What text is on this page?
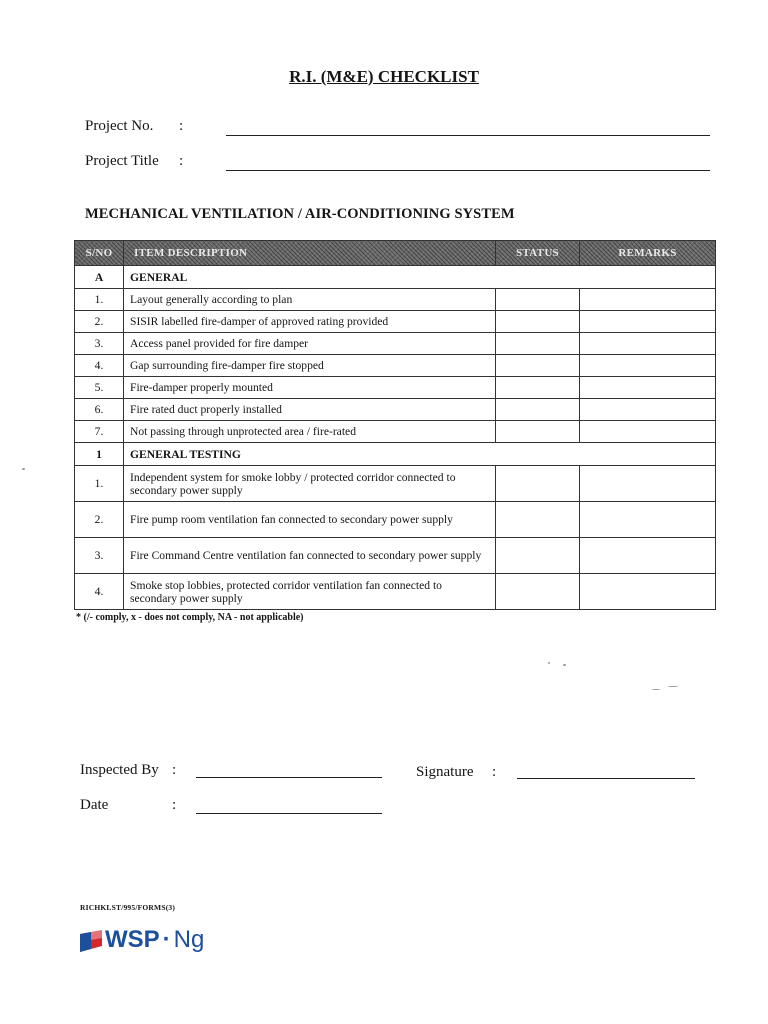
R.I. (M&E) CHECKLIST
Project No. :
Project Title :
MECHANICAL VENTILATION / AIR-CONDITIONING SYSTEM
S/NO	ITEM DESCRIPTION	STATUS	REMARKS
A	GENERAL		
1.	Layout generally according to plan		
2.	SISIR labelled fire-damper of approved rating provided		
3.	Access panel provided for fire damper		
4.	Gap surrounding fire-damper fire stopped		
5.	Fire-damper properly mounted		
6.	Fire rated duct properly installed		
7.	Not passing through unprotected area / fire-rated		
1	GENERAL TESTING		
1.	Independent system for smoke lobby / protected corridor connected to secondary power supply		
2.	Fire pump room ventilation fan connected to secondary power supply		
3.	Fire Command Centre ventilation fan connected to secondary power supply		
4.	Smoke stop lobbies, protected corridor ventilation fan connected to secondary power supply		
* (/- comply, x - does not comply, NA - not applicable)
Inspected By :	Signature :
Date	:
RICHKLST/995/FORMS(3)
WSP · Ng
